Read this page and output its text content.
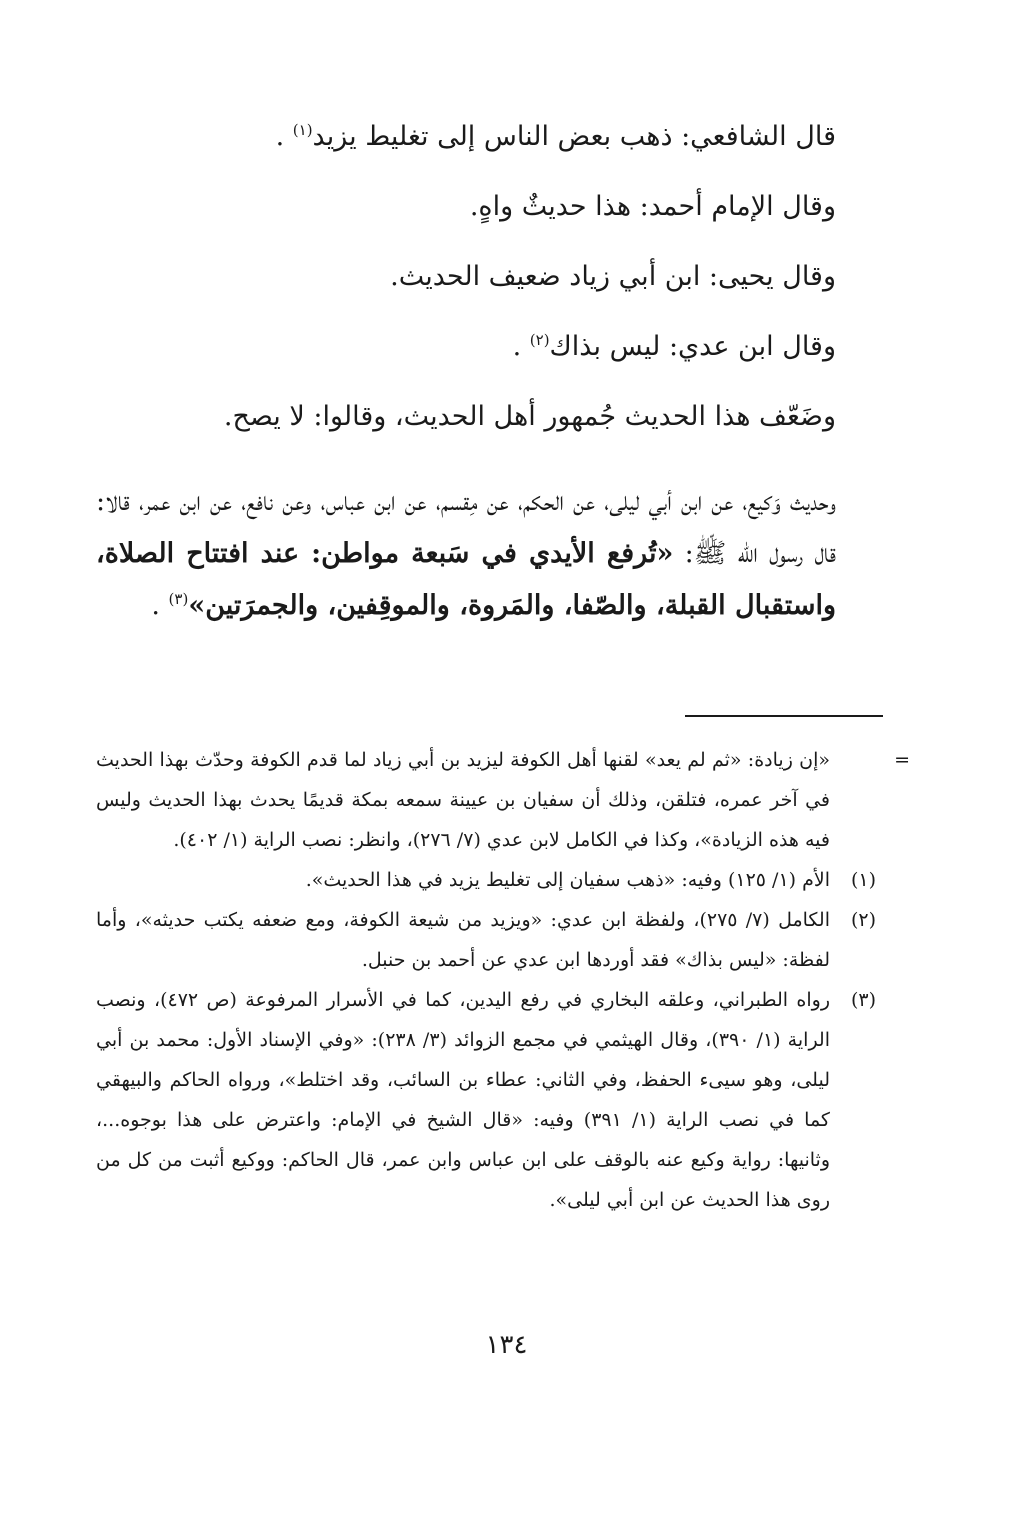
قال الشافعي: ذهب بعض الناس إلى تغليط يزيد$^{(١)}$ .
وقال الإمام أحمد: هذا حديثٌ واهٍ.
وقال يحيى: ابن أبي زياد ضعيف الحديث.
وقال ابن عدي: ليس بذاك$^{(٢)}$ .
وضَعّف هذا الحديث جُمهور أهل الحديث، وقالوا: لا يصح.
وحديث وَكيع، عن ابن أبي ليلى، عن الحكم، عن مِقسم، عن ابن عباس، وعن نافع، عن ابن عمر، قالا: قال رسول الله ﷺ: «تُرفع الأيدي في سَبعة مواطن: عند افتتاح الصلاة، واستقبال القبلة، والصّفا، والمَروة، والموقِفين، والجمرَتين»$^{(٣)}$ .
=
«إن زيادة: «ثم لم يعد» لقنها أهل الكوفة ليزيد بن أبي زياد لما قدم الكوفة وحدّث بهذا الحديث في آخر عمره، فتلقن، وذلك أن سفيان بن عيينة سمعه بمكة قديمًا يحدث بهذا الحديث وليس فيه هذه الزيادة»، وكذا في الكامل لابن عدي (٧/ ٢٧٦)، وانظر: نصب الراية (١/ ٤٠٢).
(١)
الأم (١/ ١٢٥) وفيه: «ذهب سفيان إلى تغليط يزيد في هذا الحديث».
(٢)
الكامل (٧/ ٢٧٥)، ولفظة ابن عدي: «ويزيد من شيعة الكوفة، ومع ضعفه يكتب حديثه»، وأما لفظة: «ليس بذاك» فقد أوردها ابن عدي عن أحمد بن حنبل.
(٣)
رواه الطبراني، وعلقه البخاري في رفع اليدين، كما في الأسرار المرفوعة (ص ٤٧٢)، ونصب الراية (١/ ٣٩٠)، وقال الهيثمي في مجمع الزوائد (٣/ ٢٣٨): «وفي الإسناد الأول: محمد بن أبي ليلى، وهو سيىء الحفظ، وفي الثاني: عطاء بن السائب، وقد اختلط»، ورواه الحاكم والبيهقي كما في نصب الراية (١/ ٣٩١) وفيه: «قال الشيخ في الإمام: واعترض على هذا بوجوه...، وثانيها: رواية وكيع عنه بالوقف على ابن عباس وابن عمر، قال الحاكم: ووكيع أثبت من كل من روى هذا الحديث عن ابن أبي ليلى».
١٣٤
